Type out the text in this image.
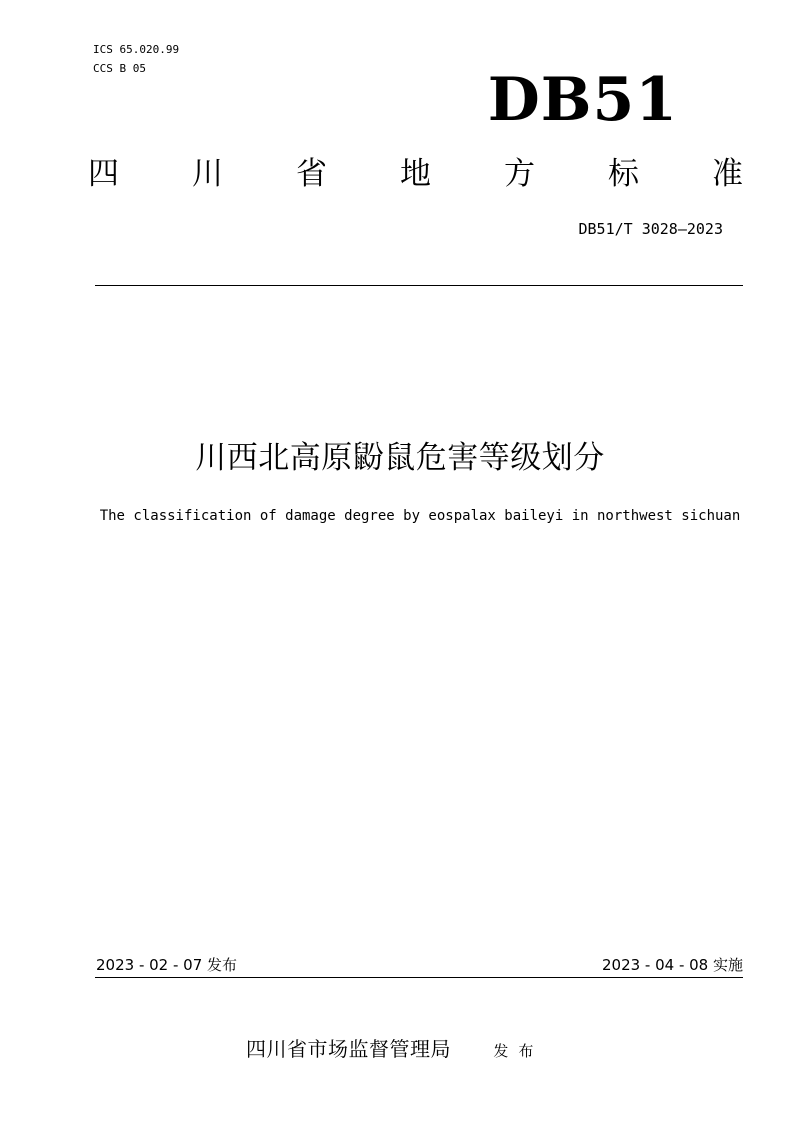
ICS 65.020.99
CCS B 05	DB51
四 川 省 地 方 标 准
DB51/T 3028—2023
川西北高原鼢鼠危害等级划分
The classification of damage degree by eospalax baileyi in northwest sichuan
2023 - 02 - 07 发布	2023 - 04 - 08 实施
四川省市场监督管理局	发布
